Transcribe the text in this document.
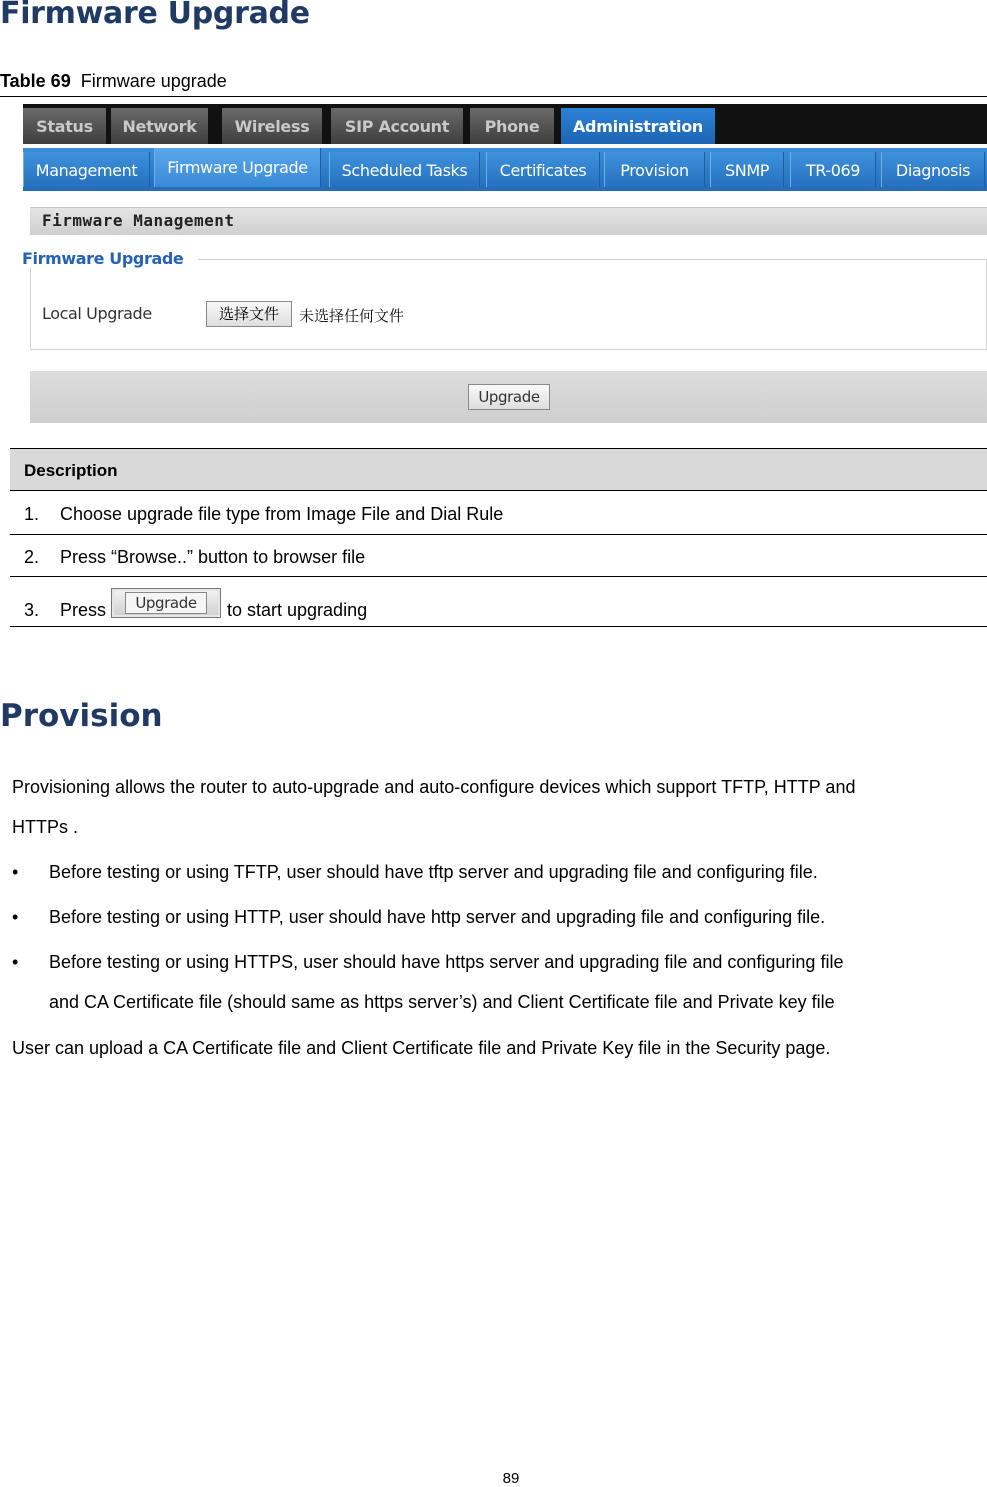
Firmware Upgrade
Table 69 Firmware upgrade
Status	Network	Wireless	SIP Account	Phone	Administration
Management	Firmware Upgrade	Scheduled Tasks	Certificates	Provision	SNMP	TR-069	Diagnosis
Firmware Management
Firmware Upgrade
Local Upgrade	选择文件	未选择任何文件
Upgrade
Description
1. Choose upgrade file type from Image File and Dial Rule
2. Press “Browse..” button to browser file
3. Press	Upgrade	to start upgrading
Provision
Provisioning allows the router to auto-upgrade and auto-configure devices which support TFTP, HTTP and
HTTPs .
• Before testing or using TFTP, user should have tftp server and upgrading file and configuring file.
• Before testing or using HTTP, user should have http server and upgrading file and configuring file.
• Before testing or using HTTPS, user should have https server and upgrading file and configuring file
and CA Certificate file (should same as https server’s) and Client Certificate file and Private key file
User can upload a CA Certificate file and Client Certificate file and Private Key file in the Security page.
89
